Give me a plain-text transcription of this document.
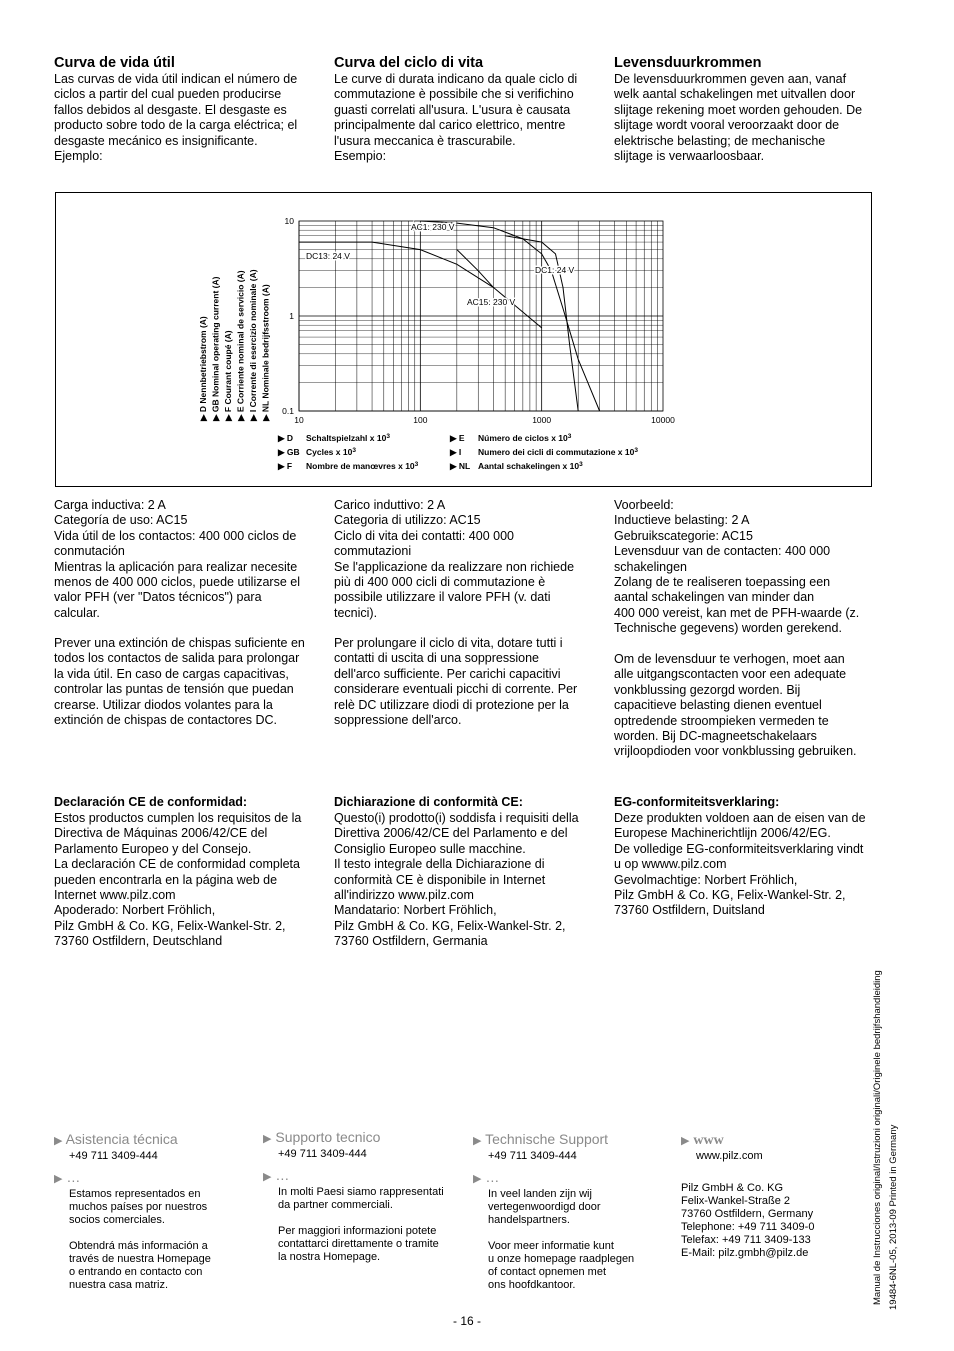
Curva de vida útil	Curva del ciclo di vita	Levensduurkrommen
Las curvas de vida útil indican el número de
ciclos a partir del cual pueden producirse
fallos debidos al desgaste. El desgaste es
producto sobre todo de la carga eléctrica; el
desgaste mecánico es insignificante.
Ejemplo:
Le curve di durata indicano da quale ciclo di
commutazione è possibile che si verifichino
guasti correlati all'usura. L'usura è causata
principalmente dal carico elettrico, mentre
l'usura meccanica è trascurabile.
Esempio:
De levensduurkrommen geven aan, vanaf
welk aantal schakelingen met uitvallen door
slijtage rekening moet worden gehouden. De
slijtage wordt vooral veroorzaakt door de
elektrische belasting; de mechanische
slijtage is verwaarloosbaar.
10	100	1000	10000
0.1
1
10
AC1: 230 V
DC13: 24 V
DC1: 24 V
AC15: 230 V
▶ D Nennbetriebstrom (A) ▶ GB Nominal operating current (A) ▶ F Courant coupé (A) ▶ E Corriente nominal de servicio (A) ▶ I Corrente di esercizio nominale (A) ▶ NL Nominale bedrijfsstroom (A)
▶ D Schaltspielzahl x $10^3$
▶ GB Cycles x $10^3$
▶ F Nombre de manœvres x $10^3$
▶ E Número de ciclos x $10^3$
▶ I Numero dei cicli di commutazione x $10^3$
▶ NL Aantal schakelingen x $10^3$
Carga inductiva: 2 A
Categoría de uso: AC15
Vida útil de los contactos: 400 000 ciclos de
conmutación
Mientras la aplicación para realizar necesite
menos de 400 000 ciclos, puede utilizarse el
valor PFH (ver "Datos técnicos") para
calcular.
Carico induttivo: 2 A
Categoria di utilizzo: AC15
Ciclo di vita dei contatti: 400 000
commutazioni
Se l'applicazione da realizzare non richiede
più di 400 000 cicli di commutazione è
possibile utilizzare il valore PFH (v. dati
tecnici).
Voorbeeld:
Inductieve belasting: 2 A
Gebruikscategorie: AC15
Levensduur van de contacten: 400 000
schakelingen
Zolang de te realiseren toepassing een
aantal schakelingen van minder dan
400 000 vereist, kan met de PFH-waarde (z.
Technische gegevens) worden gerekend.
Prever una extinción de chispas suficiente en
todos los contactos de salida para prolongar
la vida útil. En caso de cargas capacitivas,
controlar las puntas de tensión que puedan
crearse. Utilizar diodos volantes para la
extinción de chispas de contactores DC.
Per prolungare il ciclo di vita, dotare tutti i
contatti di uscita di una soppressione
dell'arco sufficiente. Per carichi capacitivi
considerare eventuali picchi di corrente. Per
relè DC utilizzare diodi di protezione per la
soppressione dell'arco.
Om de levensduur te verhogen, moet aan
alle uitgangscontacten voor een adequate
vonkblussing gezorgd worden. Bij
capacitieve belasting dienen eventuel
optredende stroompieken vermeden te
worden. Bij DC-magneetschakelaars
vrijloopdioden voor vonkblussing gebruiken.
Declaración CE de conformidad:	Dichiarazione di conformità CE:	EG-conformiteitsverklaring:
Estos productos cumplen los requisitos de la
Directiva de Máquinas 2006/42/CE del
Parlamento Europeo y del Consejo.
La declaración CE de conformidad completa
pueden encontrarla en la página web de
Internet www.pilz.com
Apoderado: Norbert Fröhlich,
Pilz GmbH & Co. KG, Felix-Wankel-Str. 2,
73760 Ostfildern, Deutschland
Questo(i) prodotto(i) soddisfa i requisiti della
Direttiva 2006/42/CE del Parlamento e del
Consiglio Europeo sulle macchine.
Il testo integrale della Dichiarazione di
conformità CE è disponibile in Internet
all'indirizzo www.pilz.com
Mandatario: Norbert Fröhlich,
Pilz GmbH & Co. KG, Felix-Wankel-Str. 2,
73760 Ostfildern, Germania
Deze produkten voldoen aan de eisen van de
Europese Machinerichtlijn 2006/42/EG.
De volledige EG-conformiteitsverklaring vindt
u op wwww.pilz.com
Gevolmachtige: Norbert Fröhlich,
Pilz GmbH & Co. KG, Felix-Wankel-Str. 2,
73760 Ostfildern, Duitsland
▶ Asistencia técnica
+49 711 3409-444
▶ …
Estamos representados en
muchos países por nuestros
socios comerciales.

Obtendrá más información a
través de nuestra Homepage
o entrando en contacto con
nuestra casa matriz.
▶ Supporto tecnico
+49 711 3409-444
▶ …
In molti Paesi siamo rappresentati
da partner commerciali.

Per maggiori informazioni potete
contattarci direttamente o tramite
la nostra Homepage.
▶ Technische Support
+49 711 3409-444
▶ …
In veel landen zijn wij
vertegenwoordigd door
handelspartners.

Voor meer informatie kunt
u onze homepage raadplegen
of contact opnemen met
ons hoofdkantoor.
▶ www
www.pilz.com
Pilz GmbH & Co. KG
Felix-Wankel-Straße 2
73760 Ostfildern, Germany
Telephone: +49 711 3409-0
Telefax: +49 711 3409-133
E-Mail: pilz.gmbh@pilz.de	Manual de Instrucciones original/Istruzioni originali/Originele bedrijfshandleiding 19484-6NL-05, 2013-09 Printed in Germany
- 16 -
